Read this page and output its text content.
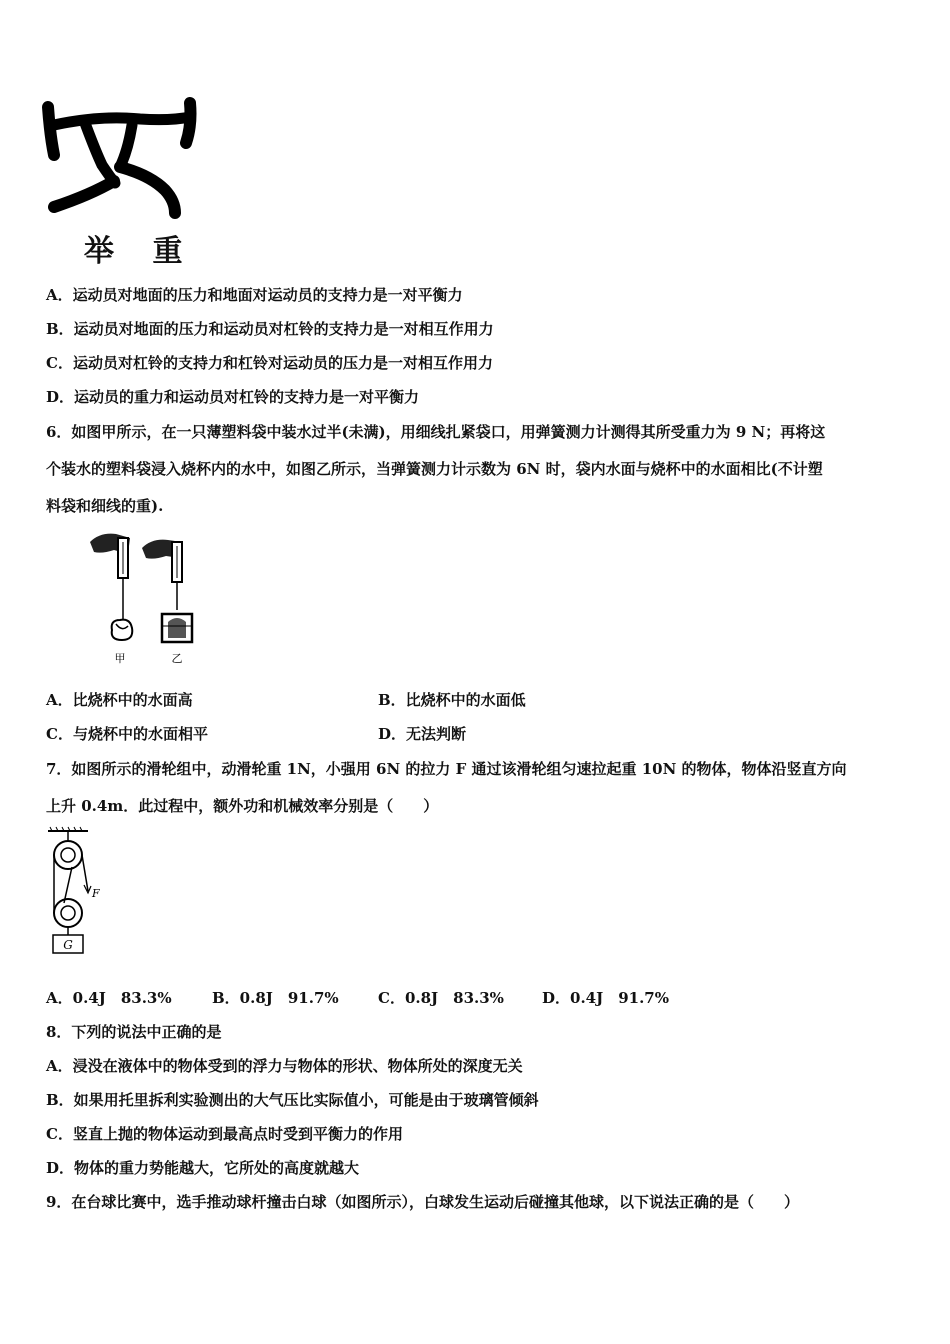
举 重
A．运动员对地面的压力和地面对运动员的支持力是一对平衡力
B．运动员对地面的压力和运动员对杠铃的支持力是一对相互作用力
C．运动员对杠铃的支持力和杠铃对运动员的压力是一对相互作用力
D．运动员的重力和运动员对杠铃的支持力是一对平衡力
6．如图甲所示，在一只薄塑料袋中装水过半(未满)，用细线扎紧袋口，用弹簧测力计测得其所受重力为 9 N；再将这
个装水的塑料袋浸入烧杯内的水中，如图乙所示，当弹簧测力计示数为 6N 时，袋内水面与烧杯中的水面相比(不计塑
料袋和细线的重).
甲	乙
A．比烧杯中的水面高	B．比烧杯中的水面低
C．与烧杯中的水面相平	D．无法判断
7．如图所示的滑轮组中，动滑轮重 1N，小强用 6N 的拉力 F 通过该滑轮组匀速拉起重 10N 的物体，物体沿竖直方向
上升 0.4m．此过程中，额外功和机械效率分别是（　　）
F
G
A．0.4J　83.3%	B．0.8J　91.7%	C．0.8J　83.3%	D．0.4J　91.7%
8．下列的说法中正确的是
A．浸没在液体中的物体受到的浮力与物体的形状、物体所处的深度无关
B．如果用托里拆利实验测出的大气压比实际值小，可能是由于玻璃管倾斜
C．竖直上抛的物体运动到最高点时受到平衡力的作用
D．物体的重力势能越大，它所处的高度就越大
9．在台球比赛中，选手推动球杆撞击白球（如图所示），白球发生运动后碰撞其他球，以下说法正确的是（　　）
